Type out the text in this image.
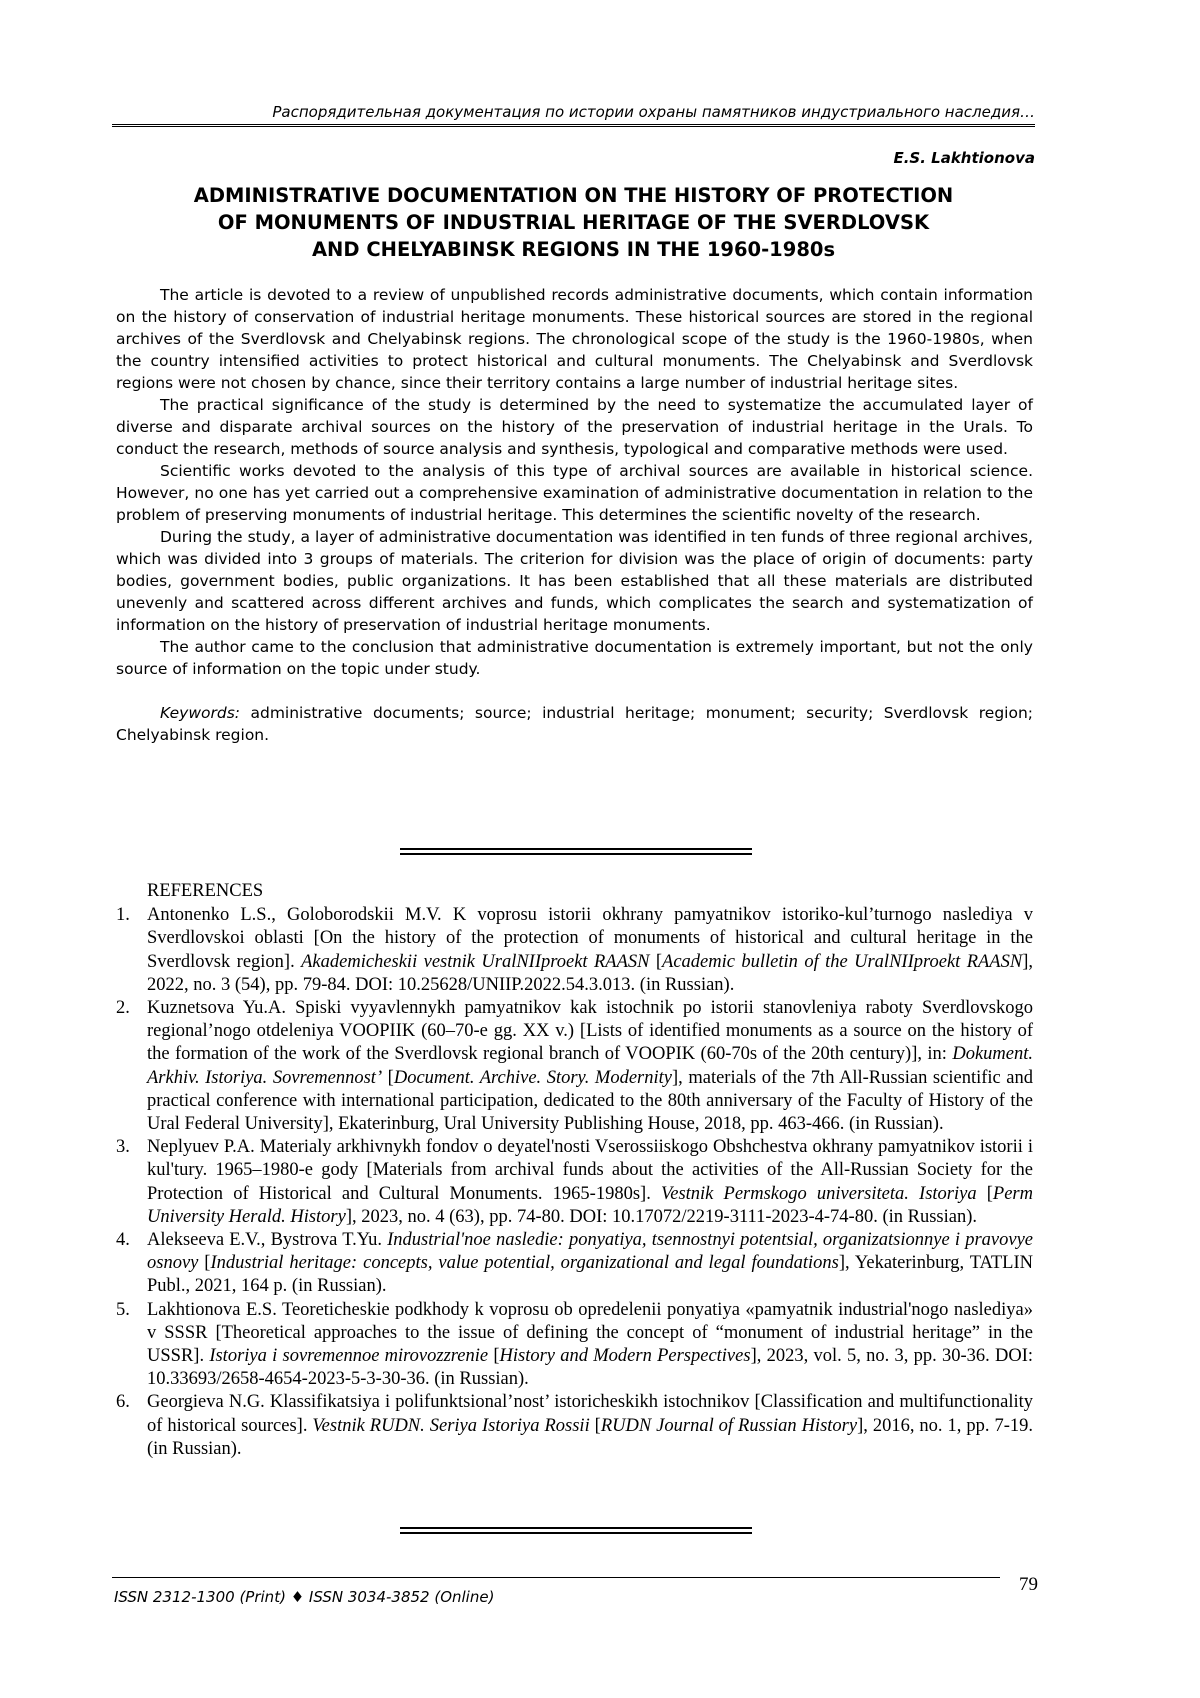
Распорядительная документация по истории охраны памятников индустриального наследия…
E.S. Lakhtionova
ADMINISTRATIVE DOCUMENTATION ON THE HISTORY OF PROTECTION
OF MONUMENTS OF INDUSTRIAL HERITAGE OF THE SVERDLOVSK
AND CHELYABINSK REGIONS IN THE 1960-1980s

The article is devoted to a review of unpublished records administrative documents, which contain information on the history of conservation of industrial heritage monuments. These historical sources are stored in the regional archives of the Sverdlovsk and Chelyabinsk regions. The chronological scope of the study is the 1960-1980s, when the country intensified activities to protect historical and cultural monuments. The Chelyabinsk and Sverdlovsk regions were not chosen by chance, since their territory contains a large number of industrial heritage sites.

The practical significance of the study is determined by the need to systematize the accumulated layer of diverse and disparate archival sources on the history of the preservation of industrial heritage in the Urals. To conduct the research, methods of source analysis and synthesis, typological and comparative methods were used.

Scientific works devoted to the analysis of this type of archival sources are available in historical science. However, no one has yet carried out a comprehensive examination of administrative documentation in relation to the problem of preserving monuments of industrial heritage. This determines the scientific novelty of the research.

During the study, a layer of administrative documentation was identified in ten funds of three regional archives, which was divided into 3 groups of materials. The criterion for division was the place of origin of documents: party bodies, government bodies, public organizations. It has been established that all these materials are distributed unevenly and scattered across different archives and funds, which complicates the search and systematization of information on the history of preservation of industrial heritage monuments.

The author came to the conclusion that administrative documentation is extremely important, but not the only source of information on the topic under study.

Keywords: administrative documents; source; industrial heritage; monument; security; Sverdlovsk region; Chelyabinsk region.

REFERENCES
1. Antonenko L.S., Goloborodskii M.V. K voprosu istorii okhrany pamyatnikov istoriko-kul’turnogo naslediya v Sverdlovskoi oblasti [On the history of the protection of monuments of historical and cultural heritage in the Sverdlovsk region]. Akademicheskii vestnik UralNIIproekt RAASN [Academic bulletin of the UralNIIproekt RAASN], 2022, no. 3 (54), pp. 79-84. DOI: 10.25628/UNIIP.2022.54.3.013. (in Russian).
2. Kuznetsova Yu.A. Spiski vyyavlennykh pamyatnikov kak istochnik po istorii stanovleniya raboty Sverdlovskogo regional’nogo otdeleniya VOOPIIK (60–70-e gg. XX v.) [Lists of identified monuments as a source on the history of the formation of the work of the Sverdlovsk regional branch of VOOPIK (60-70s of the 20th century)], in: Dokument. Arkhiv. Istoriya. Sovremennost’ [Document. Archive. Story. Modernity], materials of the 7th All-Russian scientific and practical conference with international participation, dedicated to the 80th anniversary of the Faculty of History of the Ural Federal University], Ekaterinburg, Ural University Publishing House, 2018, pp. 463-466. (in Russian).
3. Neplyuev P.A. Materialy arkhivnykh fondov o deyatel'nosti Vserossiiskogo Obshchestva okhrany pamyatnikov istorii i kul'tury. 1965–1980-e gody [Materials from archival funds about the activities of the All-Russian Society for the Protection of Historical and Cultural Monuments. 1965-1980s]. Vestnik Permskogo universiteta. Istoriya [Perm University Herald. History], 2023, no. 4 (63), pp. 74-80. DOI: 10.17072/2219-3111-2023-4-74-80. (in Russian).
4. Alekseeva E.V., Bystrova T.Yu. Industrial'noe nasledie: ponyatiya, tsennostnyi potentsial, organizatsionnye i pravovye osnovy [Industrial heritage: concepts, value potential, organizational and legal foundations], Yekaterinburg, TATLIN Publ., 2021, 164 p. (in Russian).
5. Lakhtionova E.S. Teoreticheskie podkhody k voprosu ob opredelenii ponyatiya «pamyatnik industrial'nogo naslediya» v SSSR [Theoretical approaches to the issue of defining the concept of “monument of industrial heritage” in the USSR]. Istoriya i sovremennoe mirovozzrenie [History and Modern Perspectives], 2023, vol. 5, no. 3, pp. 30-36. DOI: 10.33693/2658-4654-2023-5-3-30-36. (in Russian).
6. Georgieva N.G. Klassifikatsiya i polifunktsional’nost’ istoricheskikh istochnikov [Classification and multifunctionality of historical sources]. Vestnik RUDN. Seriya Istoriya Rossii [RUDN Journal of Russian History], 2016, no. 1, pp. 7-19. (in Russian).
ISSN 2312-1300 (Print) ♦ ISSN 3034-3852 (Online)
79
